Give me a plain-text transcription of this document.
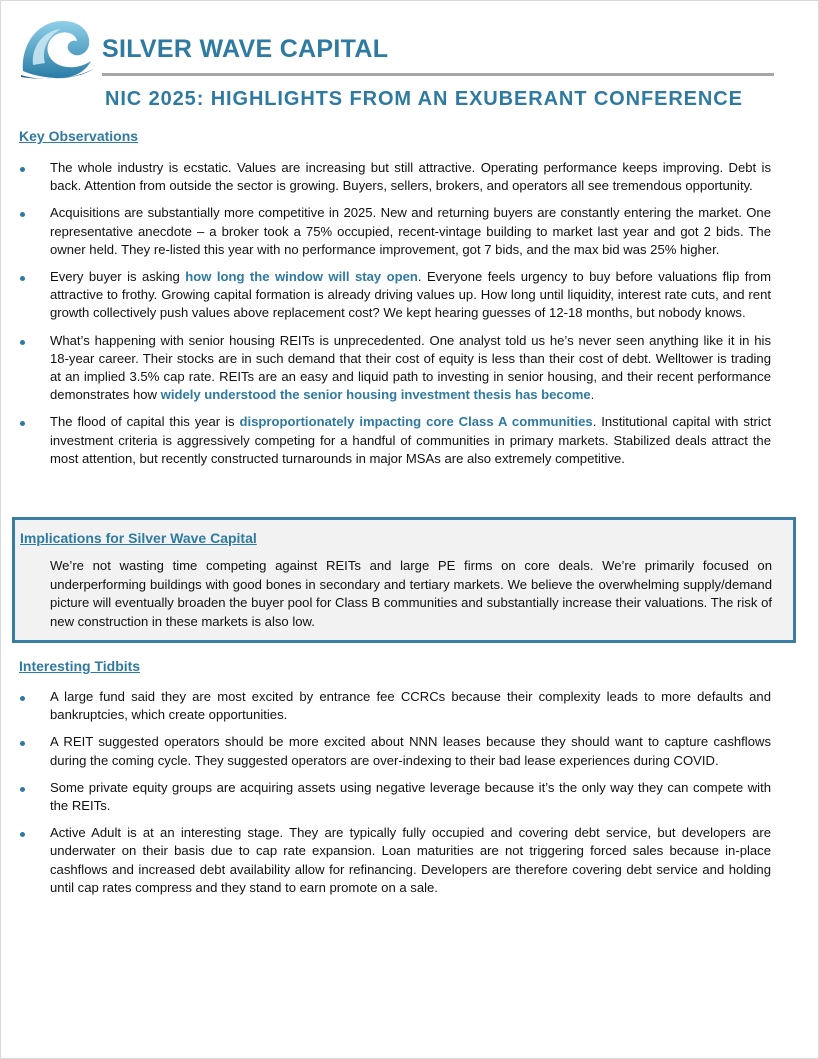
SILVER WAVE CAPITAL
NIC 2025: HIGHLIGHTS FROM AN EXUBERANT CONFERENCE
Key Observations
The whole industry is ecstatic. Values are increasing but still attractive. Operating performance keeps improving. Debt is back. Attention from outside the sector is growing. Buyers, sellers, brokers, and operators all see tremendous opportunity.
Acquisitions are substantially more competitive in 2025. New and returning buyers are constantly entering the market. One representative anecdote – a broker took a 75% occupied, recent-vintage building to market last year and got 2 bids. The owner held. They re-listed this year with no performance improvement, got 7 bids, and the max bid was 25% higher.
Every buyer is asking how long the window will stay open. Everyone feels urgency to buy before valuations flip from attractive to frothy. Growing capital formation is already driving values up. How long until liquidity, interest rate cuts, and rent growth collectively push values above replacement cost? We kept hearing guesses of 12-18 months, but nobody knows.
What’s happening with senior housing REITs is unprecedented. One analyst told us he’s never seen anything like it in his 18-year career. Their stocks are in such demand that their cost of equity is less than their cost of debt. Welltower is trading at an implied 3.5% cap rate. REITs are an easy and liquid path to investing in senior housing, and their recent performance demonstrates how widely understood the senior housing investment thesis has become.
The flood of capital this year is disproportionately impacting core Class A communities. Institutional capital with strict investment criteria is aggressively competing for a handful of communities in primary markets. Stabilized deals attract the most attention, but recently constructed turnarounds in major MSAs are also extremely competitive.
Implications for Silver Wave Capital
We’re not wasting time competing against REITs and large PE firms on core deals. We’re primarily focused on underperforming buildings with good bones in secondary and tertiary markets. We believe the overwhelming supply/demand picture will eventually broaden the buyer pool for Class B communities and substantially increase their valuations. The risk of new construction in these markets is also low.
Interesting Tidbits
A large fund said they are most excited by entrance fee CCRCs because their complexity leads to more defaults and bankruptcies, which create opportunities.
A REIT suggested operators should be more excited about NNN leases because they should want to capture cashflows during the coming cycle. They suggested operators are over-indexing to their bad lease experiences during COVID.
Some private equity groups are acquiring assets using negative leverage because it’s the only way they can compete with the REITs.
Active Adult is at an interesting stage. They are typically fully occupied and covering debt service, but developers are underwater on their basis due to cap rate expansion. Loan maturities are not triggering forced sales because in-place cashflows and increased debt availability allow for refinancing. Developers are therefore covering debt service and holding until cap rates compress and they stand to earn promote on a sale.
